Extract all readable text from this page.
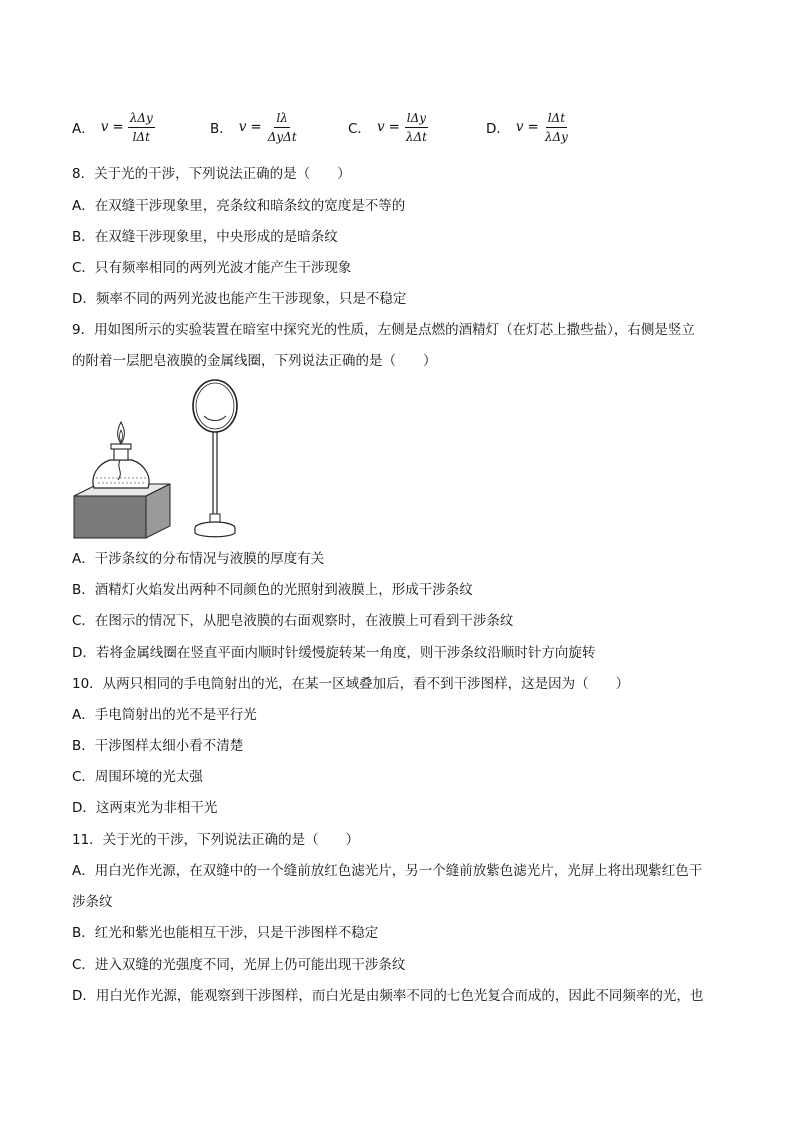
A． $v = \frac{\text{λΔy}}{\text{lΔt}}$	B． $v = \frac{l\lambda}{\text{ΔyΔt}}$	C． $v = \frac{\text{lΔy}}{\text{λΔt}}$	D． $v = \frac{\text{lΔt}}{\text{λΔy}}$
8．关于光的干涉，下列说法正确的是（　　）
A．在双缝干涉现象里，亮条纹和暗条纹的宽度是不等的
B．在双缝干涉现象里，中央形成的是暗条纹
C．只有频率相同的两列光波才能产生干涉现象
D．频率不同的两列光波也能产生干涉现象，只是不稳定
9．用如图所示的实验装置在暗室中探究光的性质，左侧是点燃的酒精灯（在灯芯上撒些盐），右侧是竖立
的附着一层肥皂液膜的金属线圈，下列说法正确的是（　　）
A．干涉条纹的分布情况与液膜的厚度有关
B．酒精灯火焰发出两种不同颜色的光照射到液膜上，形成干涉条纹
C．在图示的情况下，从肥皂液膜的右面观察时，在液膜上可看到干涉条纹
D．若将金属线圈在竖直平面内顺时针缓慢旋转某一角度，则干涉条纹沿顺时针方向旋转
10．从两只相同的手电筒射出的光，在某一区域叠加后，看不到干涉图样，这是因为（　　）
A．手电筒射出的光不是平行光
B．干涉图样太细小看不清楚
C．周围环境的光太强
D．这两束光为非相干光
11．关于光的干涉，下列说法正确的是（　　）
A．用白光作光源，在双缝中的一个缝前放红色滤光片，另一个缝前放紫色滤光片，光屏上将出现紫红色干
涉条纹
B．红光和紫光也能相互干涉，只是干涉图样不稳定
C．进入双缝的光强度不同，光屏上仍可能出现干涉条纹
D．用白光作光源，能观察到干涉图样，而白光是由频率不同的七色光复合而成的，因此不同频率的光，也
